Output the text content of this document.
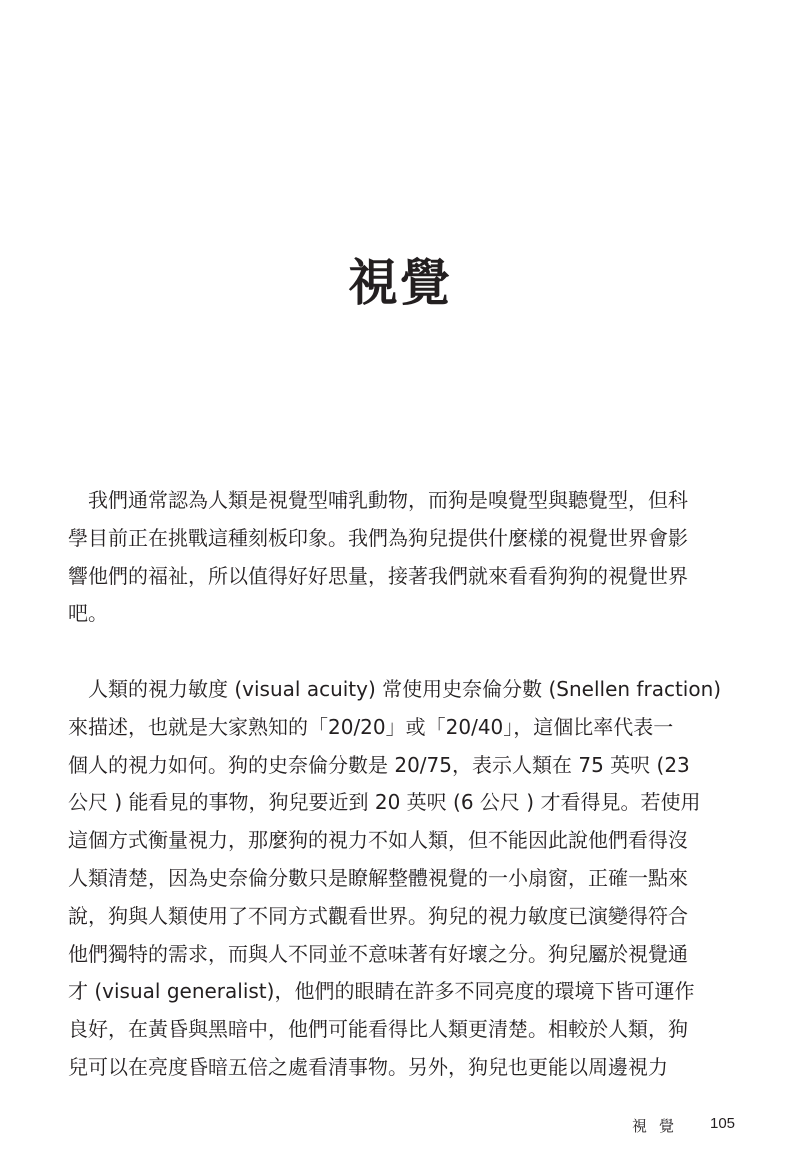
視覺
我們通常認為人類是視覺型哺乳動物，而狗是嗅覺型與聽覺型，但科
學目前正在挑戰這種刻板印象。我們為狗兒提供什麼樣的視覺世界會影
響他們的福祉，所以值得好好思量，接著我們就來看看狗狗的視覺世界
吧。
人類的視力敏度 (visual acuity) 常使用史奈倫分數 (Snellen fraction)
來描述，也就是大家熟知的「20/20」或「20/40」，這個比率代表一
個人的視力如何。狗的史奈倫分數是 20/75，表示人類在 75 英呎 (23
公尺 ) 能看見的事物，狗兒要近到 20 英呎 (6 公尺 ) 才看得見。若使用
這個方式衡量視力，那麼狗的視力不如人類，但不能因此說他們看得沒
人類清楚，因為史奈倫分數只是瞭解整體視覺的一小扇窗，正確一點來
說，狗與人類使用了不同方式觀看世界。狗兒的視力敏度已演變得符合
他們獨特的需求，而與人不同並不意味著有好壞之分。狗兒屬於視覺通
才 (visual generalist)，他們的眼睛在許多不同亮度的環境下皆可運作
良好，在黃昏與黑暗中，他們可能看得比人類更清楚。相較於人類，狗
兒可以在亮度昏暗五倍之處看清事物。另外，狗兒也更能以周邊視力
視覺 105
